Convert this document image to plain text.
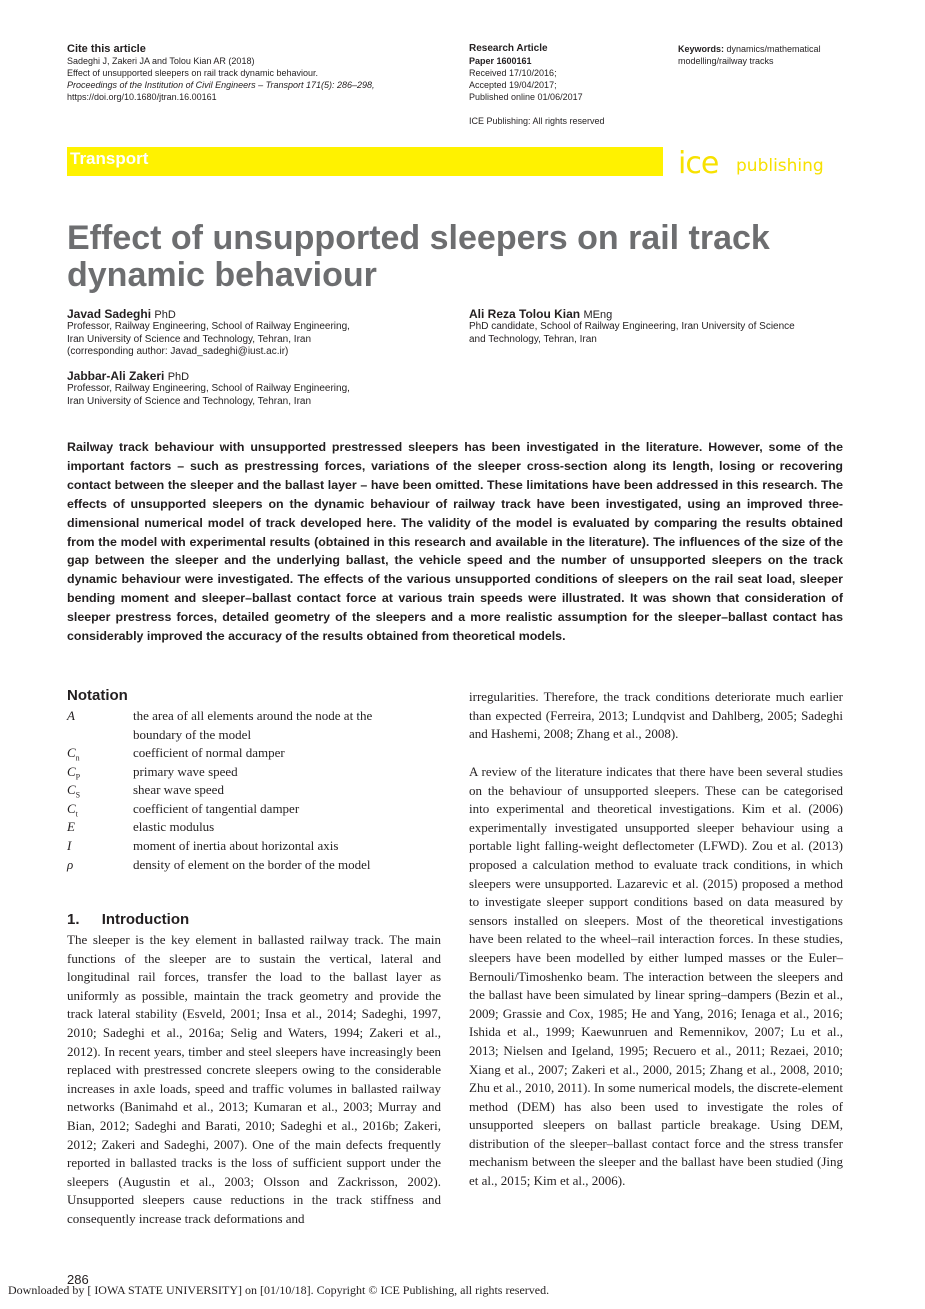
Cite this article
Sadeghi J, Zakeri JA and Tolou Kian AR (2018)
Effect of unsupported sleepers on rail track dynamic behaviour.
Proceedings of the Institution of Civil Engineers – Transport 171(5): 286–298,
https://doi.org/10.1680/jtran.16.00161
Research Article
Paper 1600161
Received 17/10/2016;
Accepted 19/04/2017;
Published online 01/06/2017
ICE Publishing: All rights reserved
Keywords: dynamics/mathematical
modelling/railway tracks
Transport	ice publishing
Effect of unsupported sleepers on rail track
dynamic behaviour
Javad Sadeghi PhD
Professor, Railway Engineering, School of Railway Engineering,
Iran University of Science and Technology, Tehran, Iran
(corresponding author: Javad_sadeghi@iust.ac.ir)
Jabbar-Ali Zakeri PhD
Professor, Railway Engineering, School of Railway Engineering,
Iran University of Science and Technology, Tehran, Iran
Ali Reza Tolou Kian MEng
PhD candidate, School of Railway Engineering, Iran University of Science
and Technology, Tehran, Iran
Railway track behaviour with unsupported prestressed sleepers has been investigated in the literature. However, some of the important factors – such as prestressing forces, variations of the sleeper cross-section along its length, losing or recovering contact between the sleeper and the ballast layer – have been omitted. These limitations have been addressed in this research. The effects of unsupported sleepers on the dynamic behaviour of railway track have been investigated, using an improved three-dimensional numerical model of track developed here. The validity of the model is evaluated by comparing the results obtained from the model with experimental results (obtained in this research and available in the literature). The influences of the size of the gap between the sleeper and the underlying ballast, the vehicle speed and the number of unsupported sleepers on the track dynamic behaviour were investigated. The effects of the various unsupported conditions of sleepers on the rail seat load, sleeper bending moment and sleeper–ballast contact force at various train speeds were illustrated. It was shown that consideration of sleeper prestress forces, detailed geometry of the sleepers and a more realistic assumption for the sleeper–ballast contact has considerably improved the accuracy of the results obtained from theoretical models.
Notation
A	the area of all elements around the node at the
boundary of the model
$C_n$	coefficient of normal damper
$C_P$	primary wave speed
$C_S$	shear wave speed
$C_t$	coefficient of tangential damper
E	elastic modulus
I	moment of inertia about horizontal axis
ρ	density of element on the border of the model
1. Introduction
The sleeper is the key element in ballasted railway track. The main functions of the sleeper are to sustain the vertical, lateral and longitudinal rail forces, transfer the load to the ballast layer as uniformly as possible, maintain the track geometry and provide the track lateral stability (Esveld, 2001; Insa et al., 2014; Sadeghi, 1997, 2010; Sadeghi et al., 2016a; Selig and Waters, 1994; Zakeri et al., 2012). In recent years, timber and steel sleepers have increasingly been replaced with prestressed concrete sleepers owing to the considerable increases in axle loads, speed and traffic volumes in ballasted railway networks (Banimahd et al., 2013; Kumaran et al., 2003; Murray and Bian, 2012; Sadeghi and Barati, 2010; Sadeghi et al., 2016b; Zakeri, 2012; Zakeri and Sadeghi, 2007). One of the main defects frequently reported in ballasted tracks is the loss of sufficient support under the sleepers (Augustin et al., 2003; Olsson and Zackrisson, 2002). Unsupported sleepers cause reductions in the track stiffness and consequently increase track deformations and
irregularities. Therefore, the track conditions deteriorate much earlier than expected (Ferreira, 2013; Lundqvist and Dahlberg, 2005; Sadeghi and Hashemi, 2008; Zhang et al., 2008).
A review of the literature indicates that there have been several studies on the behaviour of unsupported sleepers. These can be categorised into experimental and theoretical investigations. Kim et al. (2006) experimentally investigated unsupported sleeper behaviour using a portable light falling-weight deflectometer (LFWD). Zou et al. (2013) proposed a calculation method to evaluate track conditions, in which sleepers were unsupported. Lazarevic et al. (2015) proposed a method to investigate sleeper support conditions based on data measured by sensors installed on sleepers. Most of the theoretical investigations have been related to the wheel–rail interaction forces. In these studies, sleepers have been modelled by either lumped masses or the Euler–Bernouli/Timoshenko beam. The interaction between the sleepers and the ballast have been simulated by linear spring–dampers (Bezin et al., 2009; Grassie and Cox, 1985; He and Yang, 2016; Ienaga et al., 2016; Ishida et al., 1999; Kaewunruen and Remennikov, 2007; Lu et al., 2013; Nielsen and Igeland, 1995; Recuero et al., 2011; Rezaei, 2010; Xiang et al., 2007; Zakeri et al., 2000, 2015; Zhang et al., 2008, 2010; Zhu et al., 2010, 2011). In some numerical models, the discrete-element method (DEM) has also been used to investigate the roles of unsupported sleepers on ballast particle breakage. Using DEM, distribution of the sleeper–ballast contact force and the stress transfer mechanism between the sleeper and the ballast have been studied (Jing et al., 2015; Kim et al., 2006).
286
Downloaded by [ IOWA STATE UNIVERSITY] on [01/10/18]. Copyright © ICE Publishing, all rights reserved.
